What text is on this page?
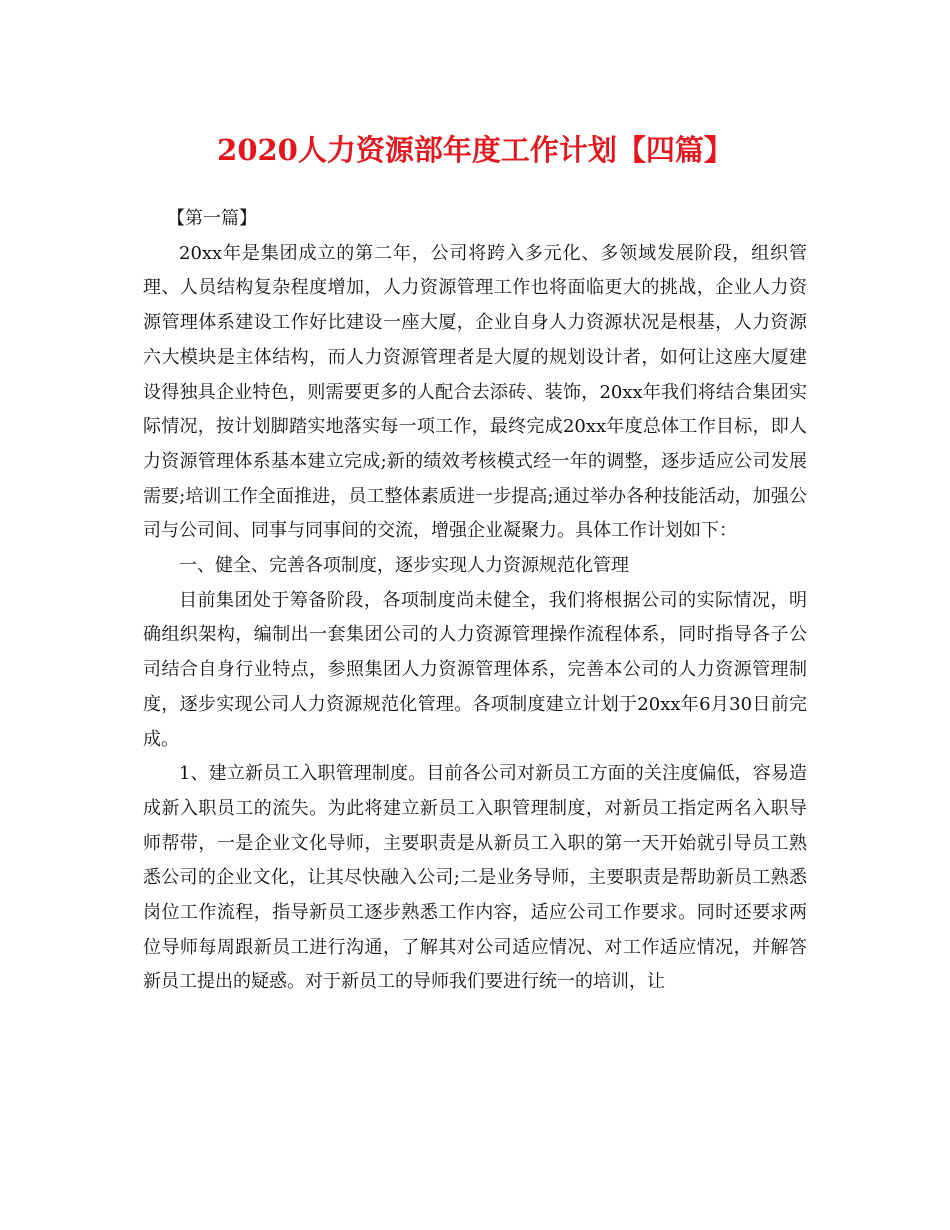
2020人力资源部年度工作计划【四篇】

【第一篇】

20xx年是集团成立的第二年，公司将跨入多元化、多领域发展阶段，组织管理、人员结构复杂程度增加，人力资源管理工作也将面临更大的挑战，企业人力资源管理体系建设工作好比建设一座大厦，企业自身人力资源状况是根基，人力资源六大模块是主体结构，而人力资源管理者是大厦的规划设计者，如何让这座大厦建设得独具企业特色，则需要更多的人配合去添砖、装饰，20xx年我们将结合集团实际情况，按计划脚踏实地落实每一项工作，最终完成20xx年度总体工作目标，即人力资源管理体系基本建立完成;新的绩效考核模式经一年的调整，逐步适应公司发展需要;培训工作全面推进，员工整体素质进一步提高;通过举办各种技能活动，加强公司与公司间、同事与同事间的交流，增强企业凝聚力。具体工作计划如下：

一、健全、完善各项制度，逐步实现人力资源规范化管理

目前集团处于筹备阶段，各项制度尚未健全，我们将根据公司的实际情况，明确组织架构，编制出一套集团公司的人力资源管理操作流程体系，同时指导各子公司结合自身行业特点，参照集团人力资源管理体系，完善本公司的人力资源管理制度，逐步实现公司人力资源规范化管理。各项制度建立计划于20xx年6月30日前完成。

1、建立新员工入职管理制度。目前各公司对新员工方面的关注度偏低，容易造成新入职员工的流失。为此将建立新员工入职管理制度，对新员工指定两名入职导师帮带，一是企业文化导师，主要职责是从新员工入职的第一天开始就引导员工熟悉公司的企业文化，让其尽快融入公司;二是业务导师，主要职责是帮助新员工熟悉岗位工作流程，指导新员工逐步熟悉工作内容，适应公司工作要求。同时还要求两位导师每周跟新员工进行沟通，了解其对公司适应情况、对工作适应情况，并解答新员工提出的疑惑。对于新员工的导师我们要进行统一的培训，让
